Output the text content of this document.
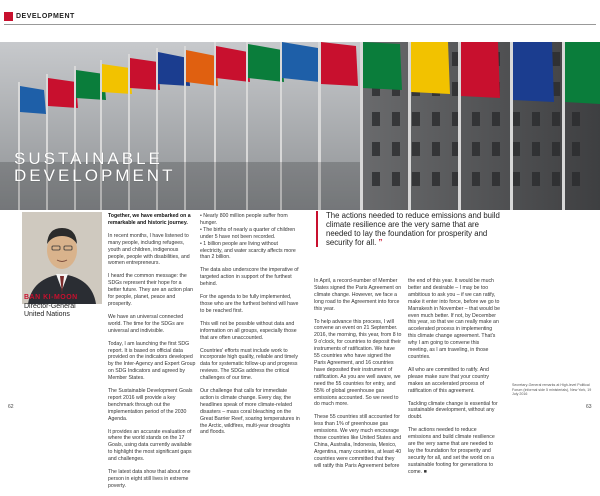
DEVELOPMENT
SUSTAINABLE
DEVELOPMENT
BAN KI-MOON
Director-General
United Nations

Together, we have embarked on a remarkable and historic journey.

In recent months, I have listened to many people, including refugees, youth and children, indigenous people, people with disabilities, and women entrepreneurs.

I heard the common message: the SDGs represent their hope for a better future. They are an action plan for people, planet, peace and prosperity.

We have an universal connected world. The time for the SDGs are universal and indivisible.

Today, I am launching the first SDG report. It is based on official data provided on the indicators developed by the Inter-Agency and Expert Group on SDG Indicators and agreed by Member States.

The Sustainable Development Goals report 2016 will provide a key benchmark through out the implementation period of the 2030 Agenda.

It provides an accurate evaluation of where the world stands on the 17 Goals, using data currently available to highlight the most significant gaps and challenges.

The latest data show that about one person in eight still lives in extreme poverty.

• Nearly 800 million people suffer from hunger.
• The births of nearly a quarter of children under 5 have not been recorded.
• 1 billion people are living without electricity, and water scarcity affects more than 2 billion.

The data also underscore the imperative of targeted action in support of the furthest behind.

For the agenda to be fully implemented, those who are the furthest behind will have to be reached first.

This will not be possible without data and information on all groups, especially those that are often unaccounted.

Countries' efforts must include work to incorporate high quality, reliable and timely data for systematic follow-up and progress reviews. The SDGs address the critical challenges of our time.

Our challenge that calls for immediate action is climate change. Every day, the headlines speak of more climate-related disasters – mass coral bleaching on the Great Barrier Reef, soaring temperatures in the Arctic, wildfires, multi-year droughts and floods.

The actions needed to reduce emissions and build climate resilience are the very same that are needed to lay the foundation for prosperity and security for all. ”

In April, a record-number of Member States signed the Paris Agreement on climate change. However, we face a long road to the Agreement into force this year.

To help advance this process, I will convene an event on 21 September. 2016, the morning, this year, from 8 to 9 o'clock, for countries to deposit their instruments of ratification. We have 55 countries who have signed the Paris Agreement, and 16 countries have deposited their instrument of ratification. As you are well aware, we need the 55 countries for entry, and 55% of global greenhouse gas emissions accounted. So we need to do much more.

These 55 countries still accounted for less than 1% of greenhouse gas emissions. We very much encourage those countries like United States and China, Australia, Indonesia, Mexico, Argentina, many countries, at least 40 countries were committed that they will ratify this Paris Agreement before

the end of this year. It would be much better and desirable – I may be too ambitious to ask you – if we can ratify, make it enter into force, before we go to Marrakesh in November – that would be even much better. If not, by December this year, so that we can really make an accelerated process in implementing this climate change agreement. That's why I am going to convene this meeting, as I am traveling, in those countries.

All who are committed to ratify. And please make sure that your country makes an accelerated process of ratification of this agreement.

Tackling climate change is essential for sustainable development, without any doubt.

The actions needed to reduce emissions and build climate resilience are the very same that are needed to lay the foundation for prosperity and security for all, and set the world on a sustainable footing for generations to come. ■

Secretary-General remarks at High-level Political Forum (informal side 5 ministerials), New York, 19 July 2016
62	63
